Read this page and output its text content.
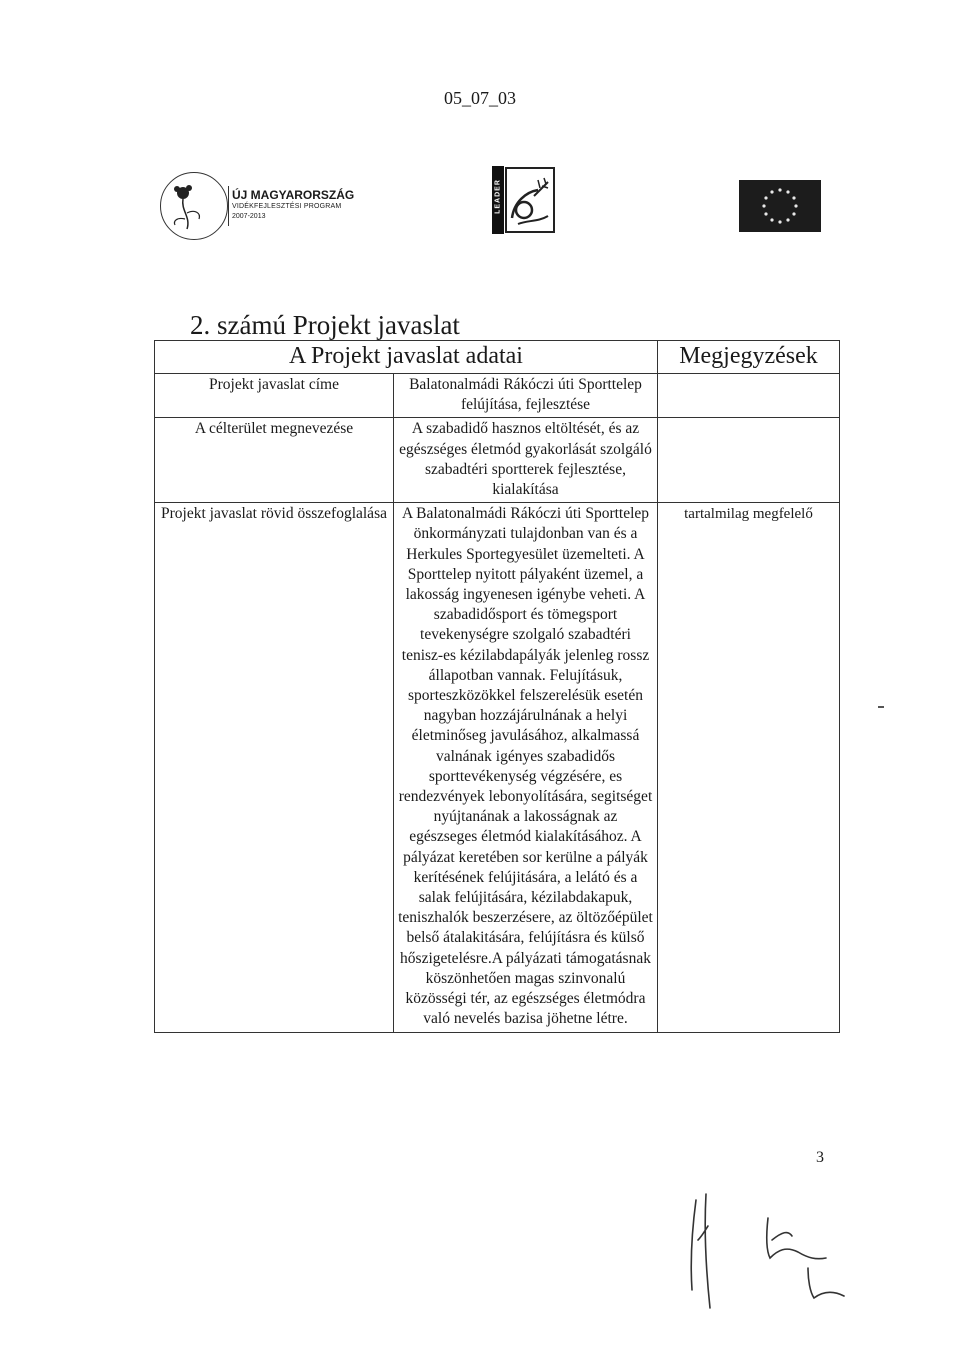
05_07_03
ÚJ MAGYARORSZÁG
VIDÉKFEJLESZTÉSI PROGRAM
2007-2013
LEADER
2. számú Projekt javaslat
A Projekt javaslat adatai		Megjegyzések

Projekt javaslat címe	Balatonalmádi Rákóczi úti Sporttelep felújítása, fejlesztése	

A célterület megnevezése	A szabadidő hasznos eltöltését, és az egészséges életmód gyakorlását szolgáló szabadtéri sportterek fejlesztése, kialakítása	

Projekt javaslat rövid összefoglalása	A Balatonalmádi Rákóczi úti Sporttelep önkormányzati tulajdonban van és a Herkules Sportegyesület üzemelteti. A Sporttelep nyitott pályaként üzemel, a lakosság ingyenesen igénybe veheti. A szabadidősport és tömegsport tevekenységre szolgaló szabadtéri tenisz-es kézilabdapályák jelenleg rossz állapotban vannak. Felujításuk, sporteszközökkel felszerelésük esetén nagyban hozzájárulnának a helyi életminőseg javulásához, alkalmassá valnának igényes szabadidős sporttevékenység végzésére, es rendezvények lebonyolítására, segitséget nyújtanának a lakosságnak az egészseges életmód kialakításához. A pályázat keretében sor kerülne a pályák kerítésének felújitására, a lelátó és a salak felújitására, kézilabdakapuk, teniszhalók beszerzésere, az öltözőépület belső átalakitására, felújításra és külső hőszigetelésre.A pályázati támogatásnak köszönhetően magas szinvonalú közösségi tér, az egészséges életmódra való nevelés bazisa jöhetne létre.	tartalmilag megfelelő
3
